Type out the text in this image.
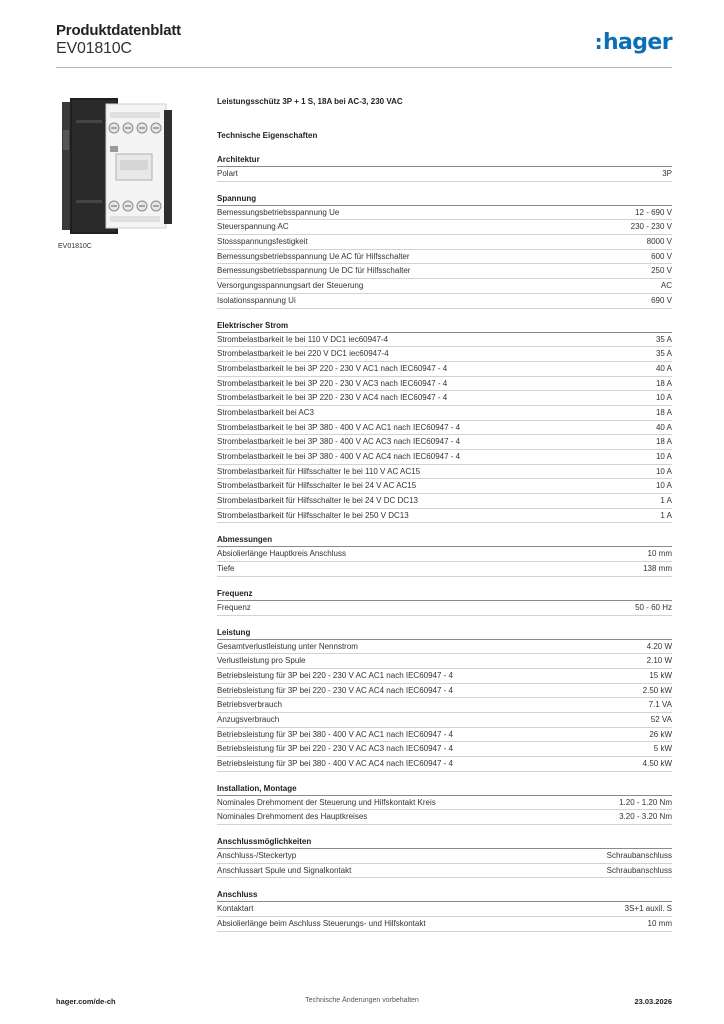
Produktdatenblatt
EV01810C	:hager
EV01810C
Leistungsschütz 3P + 1 S, 18A bei AC-3, 230 VAC
Technische Eigenschaften
Architektur
Polart	3P
Spannung
Bemessungsbetriebsspannung Ue	12 - 690 V
Steuerspannung AC	230 - 230 V
Stossspannungsfestigkeit	8000 V
Bemessungsbetriebsspannung Ue AC für Hilfsschalter	600 V
Bemessungsbetriebsspannung Ue DC für Hilfsschalter	250 V
Versorgungsspannungsart der Steuerung	AC
Isolationsspannung Ui	690 V
Elektrischer Strom
Strombelastbarkeit Ie bei 110 V DC1 iec60947-4	35 A
Strombelastbarkeit Ie bei 220 V DC1 iec60947-4	35 A
Strombelastbarkeit Ie bei 3P 220 - 230 V AC1 nach IEC60947 - 4	40 A
Strombelastbarkeit Ie bei 3P 220 - 230 V AC3 nach IEC60947 - 4	18 A
Strombelastbarkeit Ie bei 3P 220 - 230 V AC4 nach IEC60947 - 4	10 A
Strombelastbarkeit bei AC3	18 A
Strombelastbarkeit Ie bei 3P 380 - 400 V AC AC1 nach IEC60947 - 4	40 A
Strombelastbarkeit Ie bei 3P 380 - 400 V AC AC3 nach IEC60947 - 4	18 A
Strombelastbarkeit Ie bei 3P 380 - 400 V AC AC4 nach IEC60947 - 4	10 A
Strombelastbarkeit für Hilfsschalter Ie bei 110 V AC AC15	10 A
Strombelastbarkeit für Hilfsschalter Ie bei 24 V AC AC15	10 A
Strombelastbarkeit für Hilfsschalter Ie bei 24 V DC DC13	1 A
Strombelastbarkeit für Hilfsschalter Ie bei 250 V DC13	1 A
Abmessungen
Absiolierlänge Hauptkreis Anschluss	10 mm
Tiefe	138 mm
Frequenz
Frequenz	50 - 60 Hz
Leistung
Gesamtverlustleistung unter Nennstrom	4.20 W
Verlustleistung pro Spule	2.10 W
Betriebsleistung für 3P bei 220 - 230 V AC AC1 nach IEC60947 - 4	15 kW
Betriebsleistung für 3P bei 220 - 230 V AC AC4 nach IEC60947 - 4	2.50 kW
Betriebsverbrauch	7.1 VA
Anzugsverbrauch	52 VA
Betriebsleistung für 3P bei 380 - 400 V AC AC1 nach IEC60947 - 4	26 kW
Betriebsleistung für 3P bei 220 - 230 V AC AC3 nach IEC60947 - 4	5 kW
Betriebsleistung für 3P bei 380 - 400 V AC AC4 nach IEC60947 - 4	4.50 kW
Installation, Montage
Nominales Drehmoment der Steuerung und Hilfskontakt Kreis	1.20 - 1.20 Nm
Nominales Drehmoment des Hauptkreises	3.20 - 3.20 Nm
Anschlussmöglichkeiten
Anschluss-/Steckertyp	Schraubanschluss
Anschlussart Spule und Signalkontakt	Schraubanschluss
Anschluss
Kontaktart	3S+1 auxil. S
Absiolierlänge beim Aschluss Steuerungs- und Hilfskontakt	10 mm
hager.com/de-ch	Technische Änderungen vorbehalten	23.03.2026
